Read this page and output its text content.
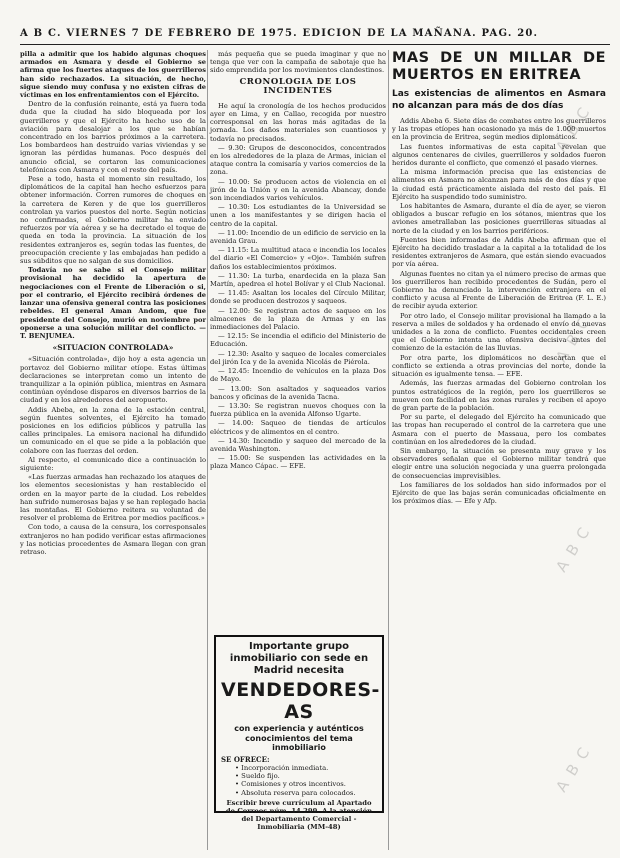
A B C. VIERNES 7 DE FEBRERO DE 1975. EDICION DE LA MAÑANA. PAG. 20.

pilla a admitir que los habido algunas choques armados en Asmara y desde el Gobierno se afirma que los fuertes ataques de los guerrilleros han sido rechazados. La situación, de hecho, sigue siendo muy confusa y no existen cifras de víctimas en los enfrentamientos con el Ejército.

Dentro de la confusión reinante, está ya fuera toda duda que la ciudad ha sido bloqueada por los guerrilleros y que el Ejército ha hecho uso de la aviación para desalojar a los que se habían concentrado en los barrios próximos a la carretera. Los bombardeos han destruido varias viviendas y se ignoran las pérdidas humanas. Poco después del anuncio oficial, se cortaron las comunicaciones telefónicas con Asmara y con el resto del país.

Pese a todo, hasta el momento sin resultado, los diplomáticos de la capital han hecho esfuerzos para obtener información. Corren rumores de choques en la carretera de Keren y de que los guerrilleros controlan ya varios puestos del norte. Según noticias no confirmadas, el Gobierno militar ha enviado refuerzos por vía aérea y se ha decretado el toque de queda en toda la provincia. La situación de los residentes extranjeros es, según todas las fuentes, de preocupación creciente y las embajadas han pedido a sus súbditos que no salgan de sus domicilios.

Todavía no se sabe si el Consejo militar provisional ha decidido la apertura de negociaciones con el Frente de Liberación o si, por el contrario, el Ejército recibirá órdenes de lanzar una ofensiva general contra las posiciones rebeldes. El general Aman Andom, que fue presidente del Consejo, murió en noviembre por oponerse a una solución militar del conflicto. — T. BENJUMEA.

«SITUACION CONTROLADA»

«Situación controlada», dijo hoy a esta agencia un portavoz del Gobierno militar etíope. Estas últimas declaraciones se interpretan como un intento de tranquilizar a la opinión pública, mientras en Asmara continúan oyéndose disparos en diversos barrios de la ciudad y en los alrededores del aeropuerto.

Addis Abeba, en la zona de la estación central, según fuentes solventes, el Ejército ha tomado posiciones en los edificios públicos y patrulla las calles principales. La emisora nacional ha difundido un comunicado en el que se pide a la población que colabore con las fuerzas del orden.

Al respecto, el comunicado dice a continuación lo siguiente:

«Las fuerzas armadas han rechazado los ataques de los elementos secesionistas y han restablecido el orden en la mayor parte de la ciudad. Los rebeldes han sufrido numerosas bajas y se han replegado hacia las montañas. El Gobierno reitera su voluntad de resolver el problema de Eritrea por medios pacíficos.»

Con todo, a causa de la censura, los corresponsales extranjeros no han podido verificar estas afirmaciones y las noticias procedentes de Asmara llegan con gran retraso.

más pequeña que se pueda imaginar y que no tenga que ver con la campaña de sabotaje que ha sido emprendida por los movimientos clandestinos.

CRONOLOGIA DE LOS INCIDENTES

He aquí la cronología de los hechos producidos ayer en Lima, y en Callao, recogida por nuestro corresponsal en las horas más agitadas de la jornada. Los daños materiales son cuantiosos y todavía no precisados.

— 9.30: Grupos de desconocidos, concentrados en los alrededores de la plaza de Armas, inician el ataque contra la comisaría y varios comercios de la zona.

— 10.00: Se producen actos de violencia en el jirón de la Unión y en la avenida Abancay, donde son incendiados varios vehículos.

— 10.30: Los estudiantes de la Universidad se unen a los manifestantes y se dirigen hacia el centro de la capital.

— 11.00: Incendio de un edificio de servicio en la avenida Grau.

— 11.15: La multitud ataca e incendia los locales del diario «El Comercio» y «Ojo». También sufren daños los establecimientos próximos.

— 11.30: La turba, enardecida en la plaza San Martín, apedrea el hotel Bolívar y el Club Nacional.

— 11.45: Asaltan los locales del Círculo Militar, donde se producen destrozos y saqueos.

— 12.00: Se registran actos de saqueo en los almacenes de la plaza de Armas y en las inmediaciones del Palacio.

— 12.15: Se incendia el edificio del Ministerio de Educación.

— 12.30: Asalto y saqueo de locales comerciales del jirón Ica y de la avenida Nicolás de Piérola.

— 12.45: Incendio de vehículos en la plaza Dos de Mayo.

— 13.00: Son asaltados y saqueados varios bancos y oficinas de la avenida Tacna.

— 13.30: Se registran nuevos choques con la fuerza pública en la avenida Alfonso Ugarte.

— 14.00: Saqueo de tiendas de artículos eléctricos y de alimentos en el centro.

— 14.30: Incendio y saqueo del mercado de la avenida Washington.

— 15.00: Se suspenden las actividades en la plaza Manco Cápac. — EFE.

Importante grupo inmobiliario con sede en Madrid necesita
VENDEDORES-AS
con experiencia y auténticos conocimientos del tema inmobiliario
SE OFRECE:
• Incorporación inmediata.
• Sueldo fijo.
• Comisiones y otros incentivos.
• Absoluta reserva para colocados.
Escribir breve currículum al Apartado de Correos núm. 14.299. A la atención del Departamento Comercial - Inmobiliaria (MM-48)
MAS DE UN MILLAR DE MUERTOS EN ERITREA
Las existencias de alimentos en Asmara no alcanzan para más de dos días

Addis Abeba 6. Siete días de combates entre los guerrilleros y las tropas etíopes han ocasionado ya más de 1.000 muertos en la provincia de Eritrea, según medios diplomáticos.

Las fuentes informativas de esta capital revelan que algunos centenares de civiles, guerrilleros y soldados fueron heridos durante el conflicto, que comenzó el pasado viernes.

La misma información precisa que las existencias de alimentos en Asmara no alcanzan para más de dos días y que la ciudad está prácticamente aislada del resto del país. El Ejército ha suspendido todo suministro.

Los habitantes de Asmara, durante el día de ayer, se vieron obligados a buscar refugio en los sótanos, mientras que los aviones ametrallaban las posiciones guerrilleras situadas al norte de la ciudad y en los barrios periféricos.

Fuentes bien informadas de Addis Abeba afirman que el Ejército ha decidido trasladar a la capital a la totalidad de los residentes extranjeros de Asmara, que están siendo evacuados por vía aérea.

Algunas fuentes no citan ya el número preciso de armas que los guerrilleros han recibido procedentes de Sudán, pero el Gobierno ha denunciado la intervención extranjera en el conflicto y acusa al Frente de Liberación de Eritrea (F. L. E.) de recibir ayuda exterior.

Por otro lado, el Consejo militar provisional ha llamado a la reserva a miles de soldados y ha ordenado el envío de nuevas unidades a la zona de conflicto. Fuentes occidentales creen que el Gobierno intenta una ofensiva decisiva antes del comienzo de la estación de las lluvias.

Por otra parte, los diplomáticos no descartan que el conflicto se extienda a otras provincias del norte, donde la situación es igualmente tensa. — EFE.

Además, las fuerzas armadas del Gobierno controlan los puntos estratégicos de la región, pero los guerrilleros se mueven con facilidad en las zonas rurales y reciben el apoyo de gran parte de la población.

Por su parte, el delegado del Ejército ha comunicado que las tropas han recuperado el control de la carretera que une Asmara con el puerto de Massaua, pero los combates continúan en los alrededores de la ciudad.

Sin embargo, la situación se presenta muy grave y los observadores señalan que el Gobierno militar tendrá que elegir entre una solución negociada y una guerra prolongada de consecuencias imprevisibles.

Los familiares de los soldados han sido informados por el Ejército de que las bajas serán comunicadas oficialmente en los próximos días. — Efe y Afp.

A B C
A B C
A B C
A B C
